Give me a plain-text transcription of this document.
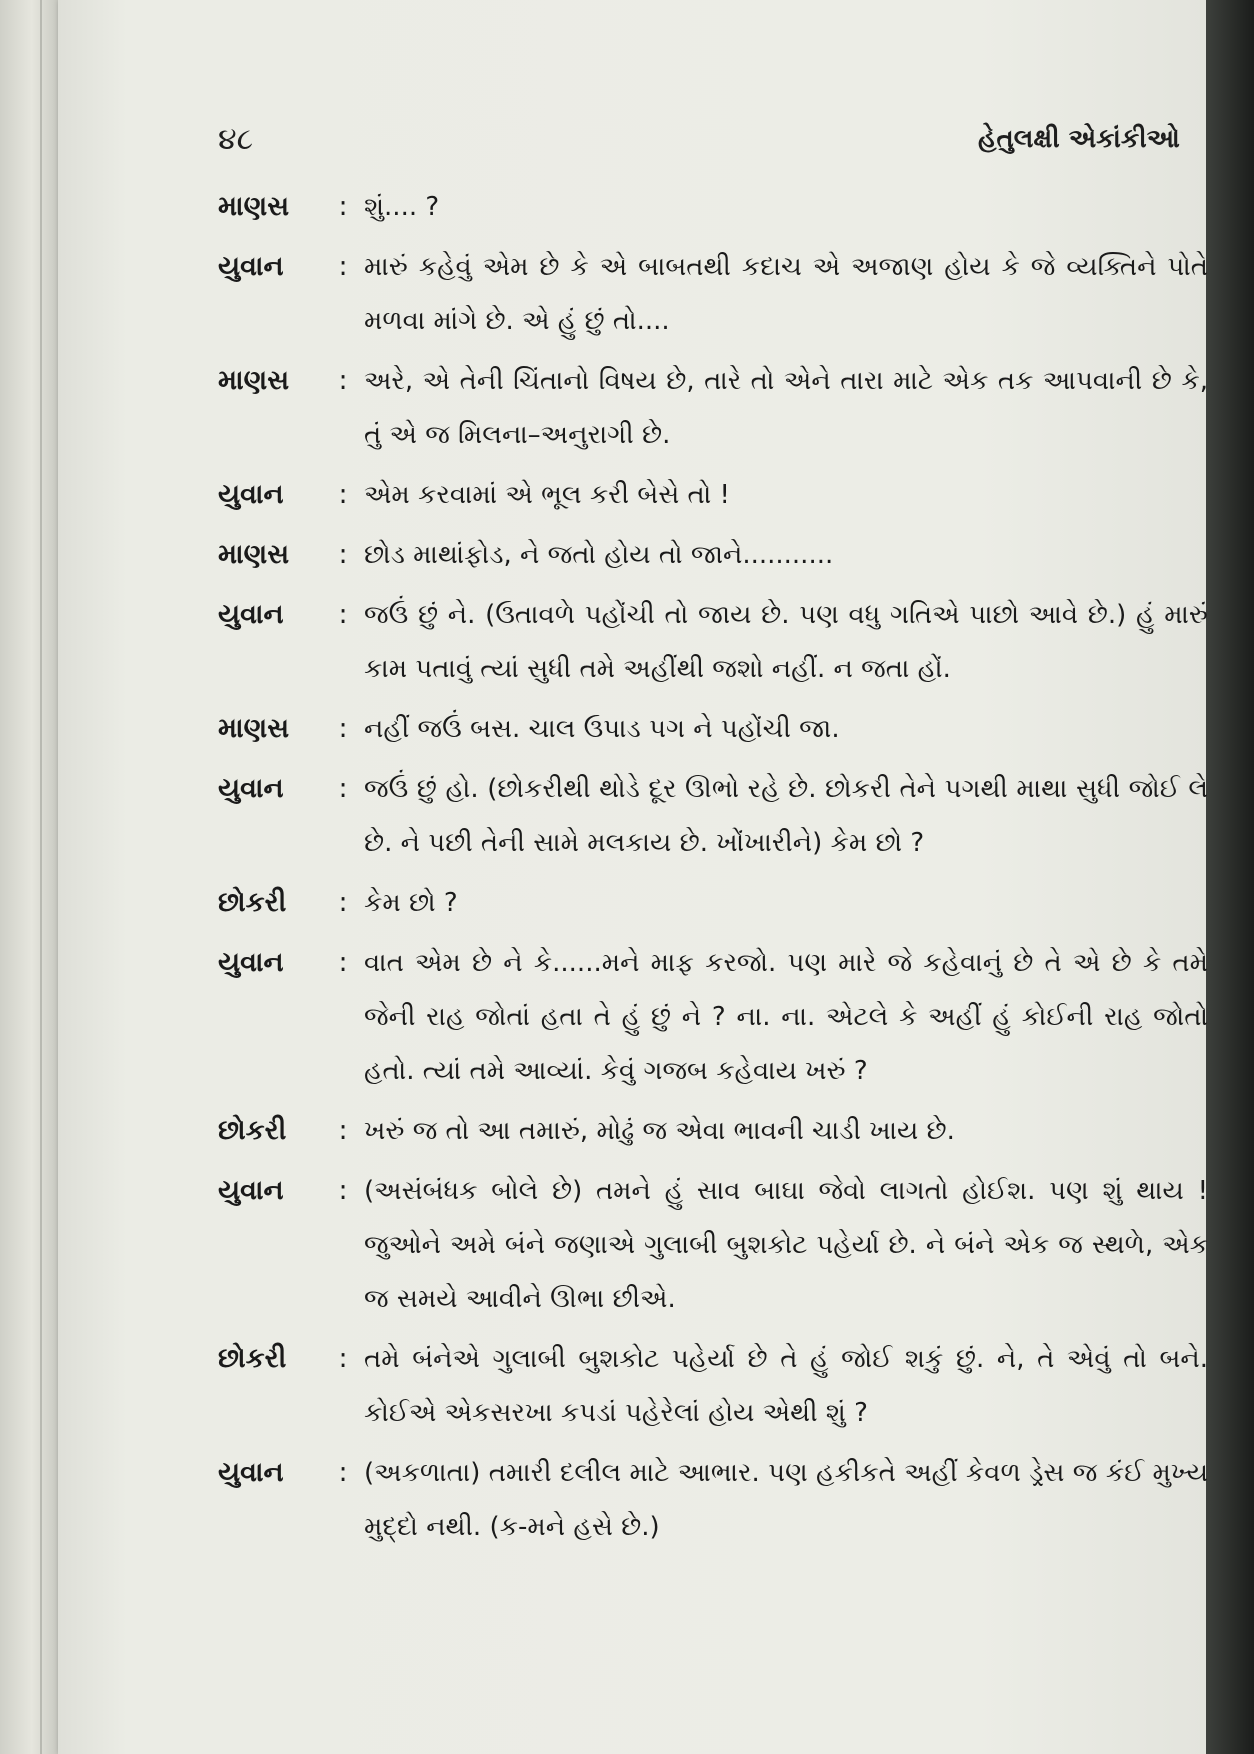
૪૮	હેતુલક્ષી એકાંકીઓ
માણસ	: શું.... ?
યુવાન	: મારું કહેવું એમ છે કે એ બાબતથી કદાચ એ અજાણ હોય કે જે વ્યક્તિને પોતે મળવા માંગે છે. એ હું છું તો....
માણસ	: અરે, એ તેની ચિંતાનો વિષય છે, તારે તો એને તારા માટે એક તક આપવાની છે કે, તું એ જ મિલના–અનુરાગી છે.
યુવાન	: એમ કરવામાં એ ભૂલ કરી બેસે તો !
માણસ	: છોડ માથાંફોડ, ને જતો હોય તો જાને...........
યુવાન	: જઉં છું ને. (ઉતાવળે પહોંચી તો જાય છે. પણ વધુ ગતિએ પાછો આવે છે.) હું મારું કામ પતાવું ત્યાં સુધી તમે અહીંથી જશો નહીં. ન જતા હોં.
માણસ	: નહીં જઉં બસ. ચાલ ઉપાડ પગ ને પહોંચી જા.
યુવાન	: જઉં છું હો. (છોકરીથી થોડે દૂર ઊભો રહે છે. છોકરી તેને પગથી માથા સુધી જોઈ લે છે. ને પછી તેની સામે મલકાય છે. ખોંખારીને) કેમ છો ?
છોકરી	: કેમ છો ?
યુવાન	: વાત એમ છે ને કે......મને માફ કરજો. પણ મારે જે કહેવાનું છે તે એ છે કે તમે જેની રાહ જોતાં હતા તે હું છું ને ? ના. ના. એટલે કે અહીં હું કોઈની રાહ જોતો હતો. ત્યાં તમે આવ્યાં. કેવું ગજબ કહેવાય ખરું ?
છોકરી	: ખરું જ તો આ તમારું, મોઢું જ એવા ભાવની ચાડી ખાય છે.
યુવાન	: (અસંબંધક બોલે છે) તમને હું સાવ બાઘા જેવો લાગતો હોઈશ. પણ શું થાય ! જુઓને અમે બંને જણાએ ગુલાબી બુશકોટ પહેર્યા છે. ને બંને એક જ સ્થળે, એક જ સમયે આવીને ઊભા છીએ.
છોકરી	: તમે બંનેએ ગુલાબી બુશકોટ પહેર્યા છે તે હું જોઈ શકું છું. ને, તે એવું તો બને. કોઈએ એકસરખા કપડાં પહેરેલાં હોય એથી શું ?
યુવાન	: (અકળાતા) તમારી દલીલ માટે આભાર. પણ હકીકતે અહીં કેવળ ડ્રેસ જ કંઈ મુખ્ય મુદ્દો નથી. (ક-મને હસે છે.)
